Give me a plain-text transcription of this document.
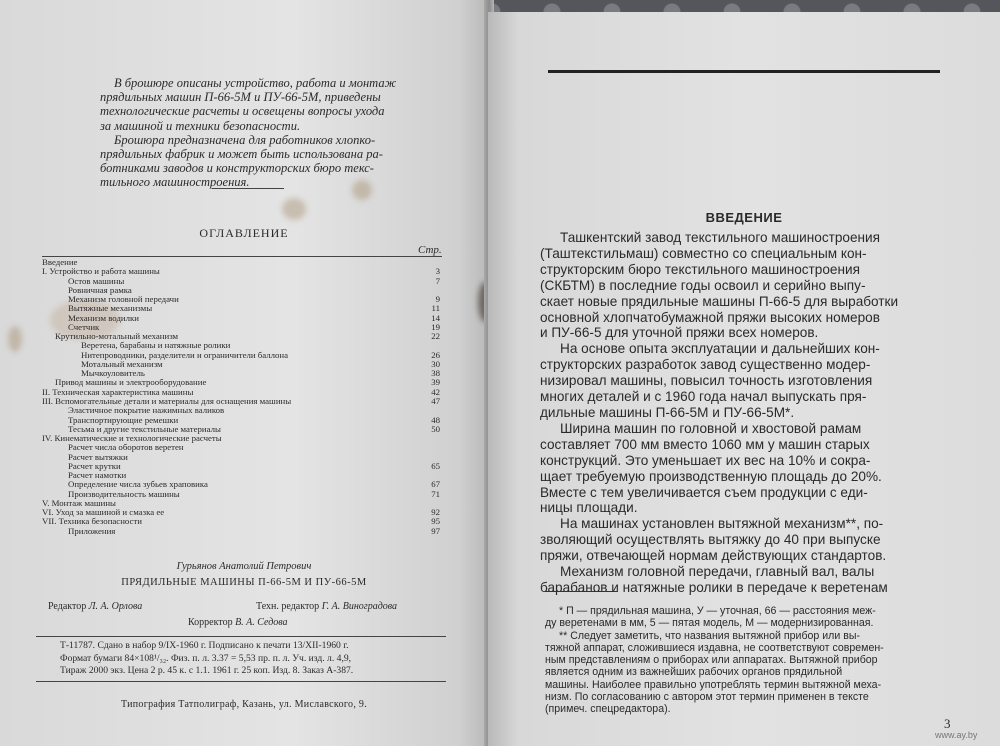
В брошюре описаны устройство, работа и монтаж
прядильных машин П-66-5М и ПУ-66-5М, приведены
технологические расчеты и освещены вопросы ухода
за машиной и техники безопасности.
Брошюра предназначена для работников хлопко-
прядильных фабрик и может быть использована ра-
ботниками заводов и конструкторских бюро текс-
тильного машиностроения.
ОГЛАВЛЕНИЕ
Стр.
Введение
I. Устройство и работа машины	3
Остов машины	7
Ровничная рамка
Механизм головной передачи	9
Вытяжные механизмы	11
Механизм водилки	14
Счетчик	19
Крутильно-мотальный механизм	22
Веретена, барабаны и натяжные ролики
Нитепроводники, разделители и ограничители баллона	26
Мотальный механизм	30
Мычкоуловитель	38
Привод машины и электрооборудование	39
II. Техническая характеристика машины	42
III. Вспомогательные детали и материалы для оснащения машины	47
Эластичное покрытие нажимных валиков
Транспортирующие ремешки	48
Тесьма и другие текстильные материалы	50
IV. Кинематические и технологические расчеты
Расчет числа оборотов веретен
Расчет вытяжки
Расчет крутки	65
Расчет намотки
Определение числа зубьев храповика	67
Производительность машины	71
V. Монтаж машины
VI. Уход за машиной и смазка ее	92
VII. Техника безопасности	95
Приложения	97
Гурьянов Анатолий Петрович
ПРЯДИЛЬНЫЕ МАШИНЫ П-66-5М И ПУ-66-5М
Редактор Л. А. Орлова	Техн. редактор Г. А. Виноградова
Корректор В. А. Седова
Т-11787. Сдано в набор 9/IX-1960 г. Подписано к печати 13/XII-1960 г.
Формат бумаги 84×108¹/₃₂. Физ. п. л. 3.37 = 5,53 пр. п. л. Уч. изд. л. 4,9,
Тираж 2000 экз. Цена 2 р. 45 к. с 1.1. 1961 г. 25 коп. Изд. 8. Заказ А-387.
Типография Татполиграф, Казань, ул. Миславского, 9.
ВВЕДЕНИЕ
Ташкентский завод текстильного машиностроения
(Таштекстильмаш) совместно со специальным кон-
структорским бюро текстильного машиностроения
(СКБТМ) в последние годы освоил и серийно выпу-
скает новые прядильные машины П-66-5 для выработки
основной хлопчатобумажной пряжи высоких номеров
и ПУ-66-5 для уточной пряжи всех номеров.
На основе опыта эксплуатации и дальнейших кон-
структорских разработок завод существенно модер-
низировал машины, повысил точность изготовления
многих деталей и с 1960 года начал выпускать пря-
дильные машины П-66-5М и ПУ-66-5М*.
Ширина машин по головной и хвостовой рамам
составляет 700 мм вместо 1060 мм у машин старых
конструкций. Это уменьшает их вес на 10% и сокра-
щает требуемую производственную площадь до 20%.
Вместе с тем увеличивается съем продукции с еди-
ницы площади.
На машинах установлен вытяжной механизм**, по-
зволяющий осуществлять вытяжку до 40 при выпуске
пряжи, отвечающей нормам действующих стандартов.
Механизм головной передачи, главный вал, валы
барабанов и натяжные ролики в передаче к веретенам
* П — прядильная машина, У — уточная, 66 — расстояния меж-
ду веретенами в мм, 5 — пятая модель, М — модернизированная.
** Следует заметить, что названия вытяжной прибор или вы-
тяжной аппарат, сложившиеся издавна, не соответствуют современ-
ным представлениям о приборах или аппаратах. Вытяжной прибор
является одним из важнейших рабочих органов прядильной
машины. Наиболее правильно употреблять термин вытяжной меха-
низм. По согласованию с автором этот термин применен в тексте
(примеч. спецредактора).
3
www.ay.by
